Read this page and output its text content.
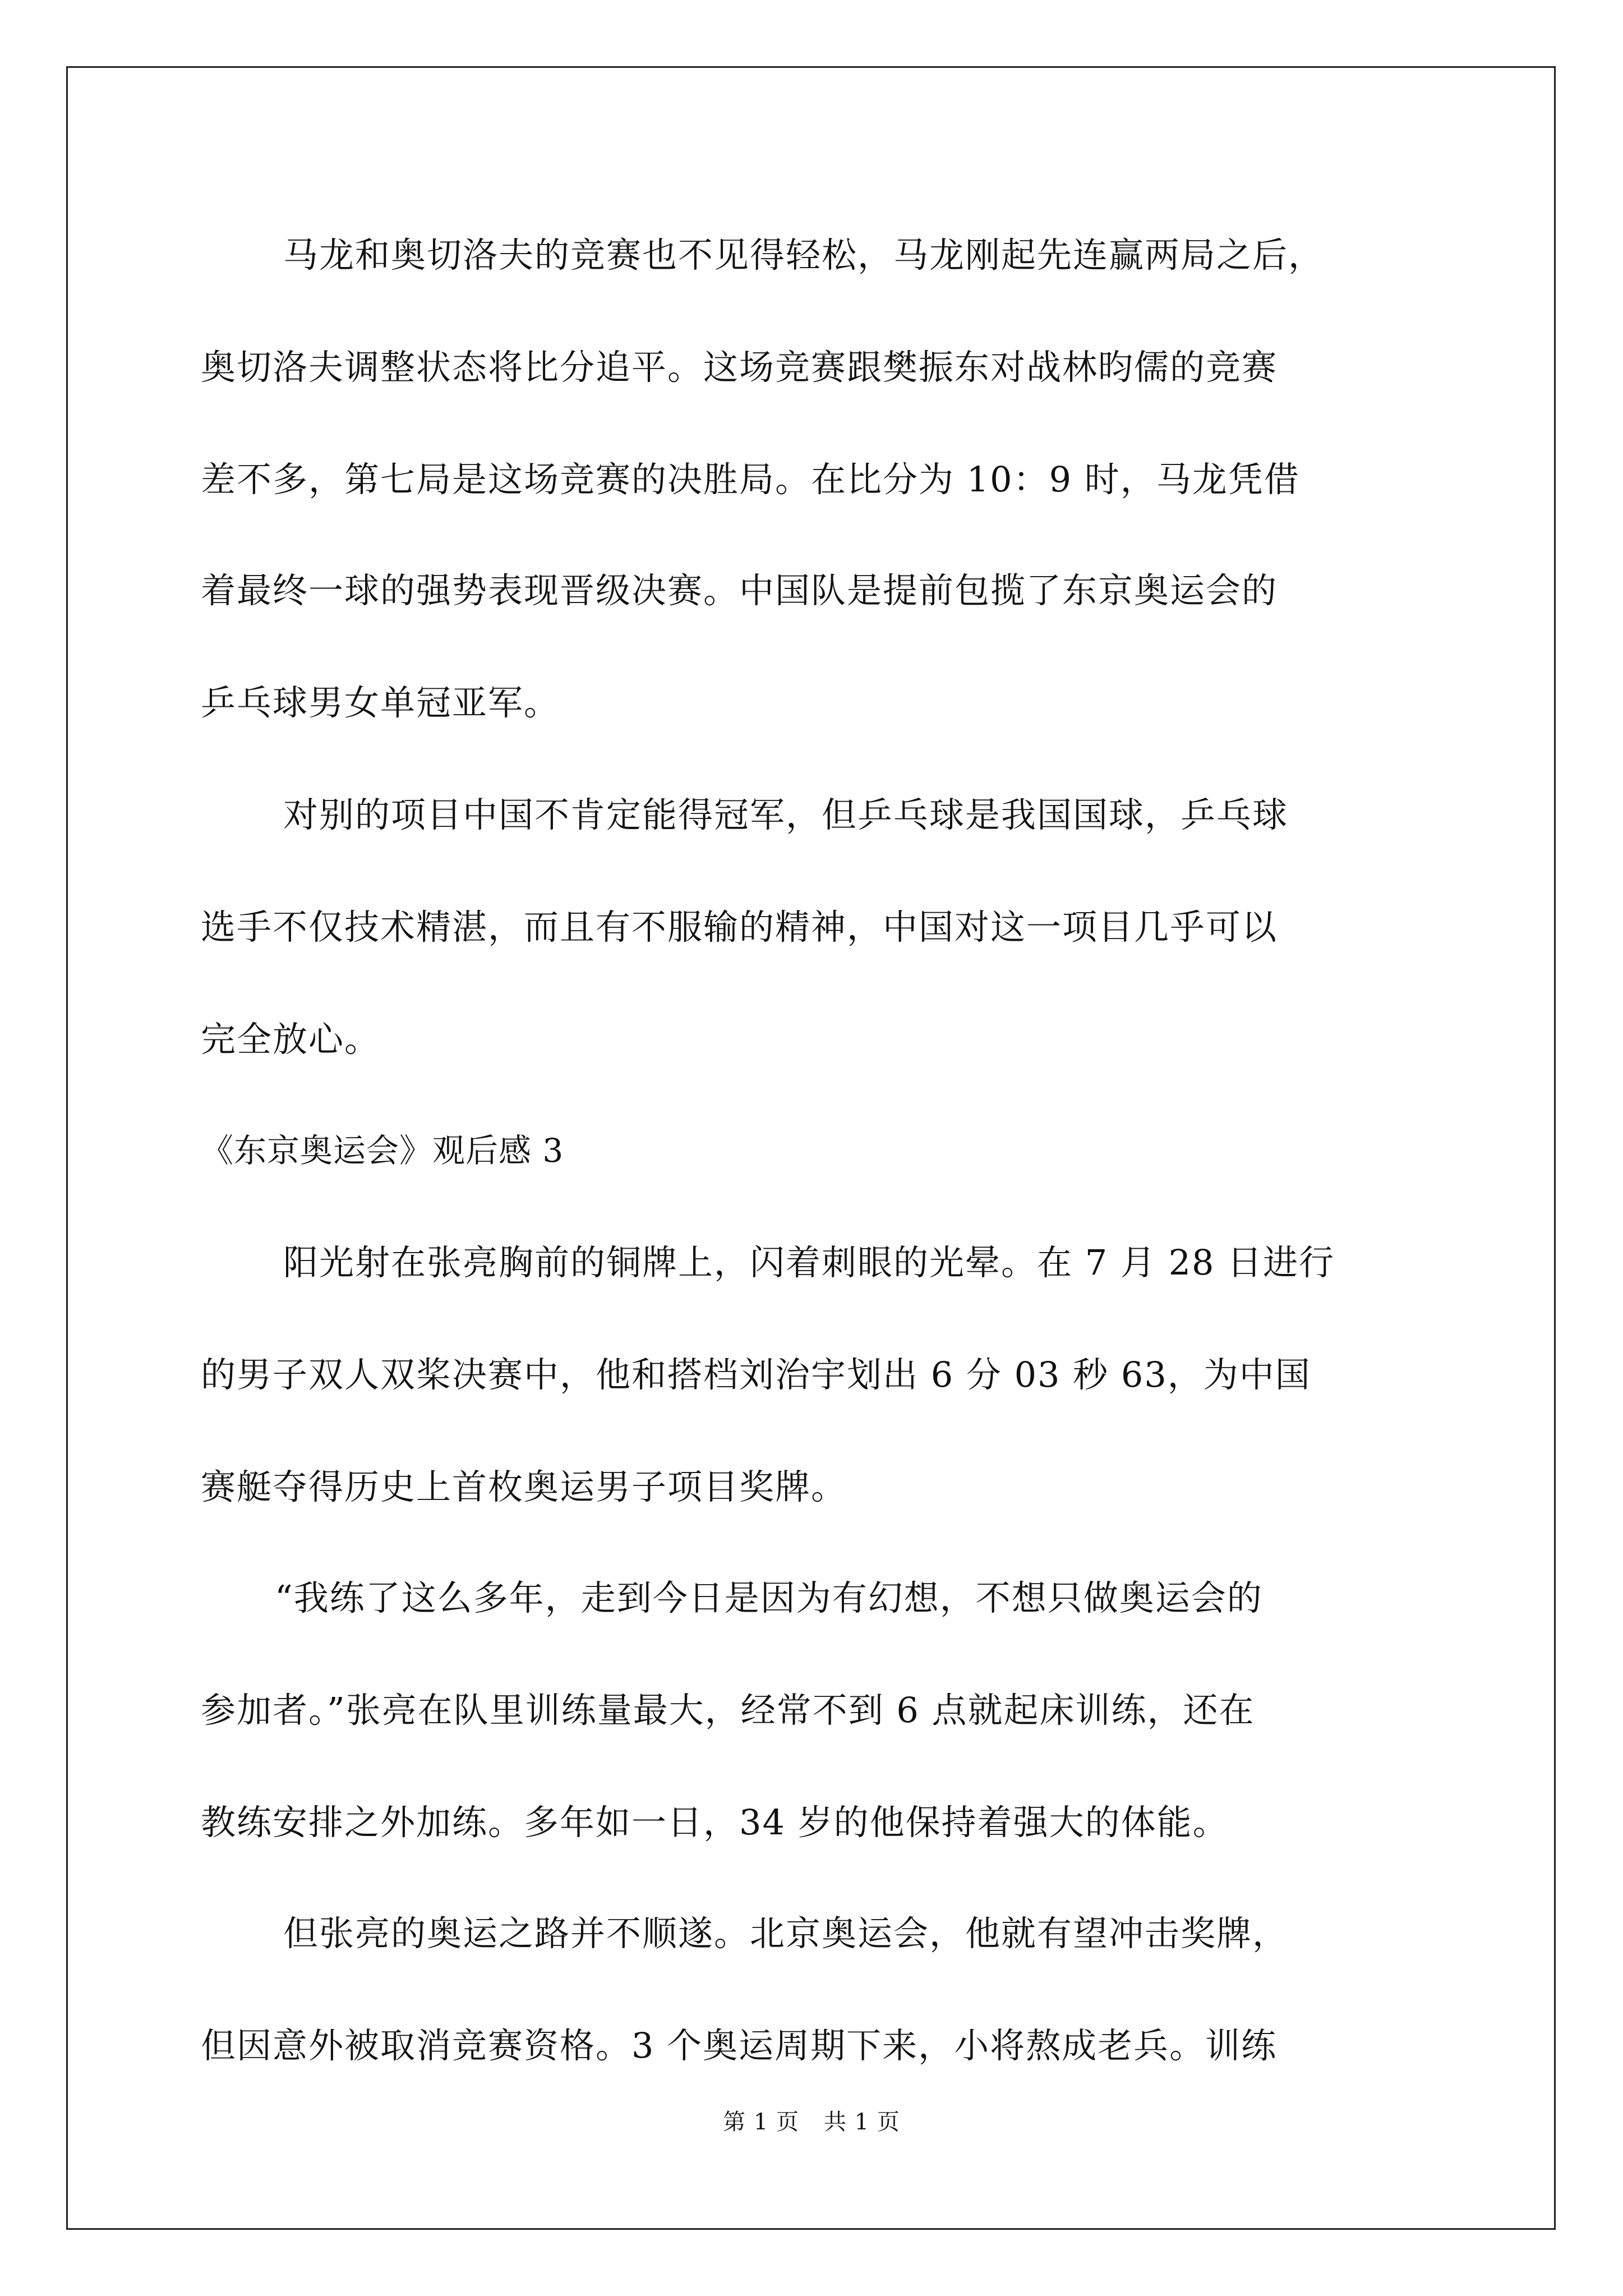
马龙和奥切洛夫的竞赛也不见得轻松，马龙刚起先连赢两局之后，
奥切洛夫调整状态将比分追平。这场竞赛跟樊振东对战林昀儒的竞赛
差不多，第七局是这场竞赛的决胜局。在比分为 10：9 时，马龙凭借
着最终一球的强势表现晋级决赛。中国队是提前包揽了东京奥运会的
乒乓球男女单冠亚军。
对别的项目中国不肯定能得冠军，但乒乓球是我国国球，乒乓球
选手不仅技术精湛，而且有不服输的精神，中国对这一项目几乎可以
完全放心。
《东京奥运会》观后感 3
阳光射在张亮胸前的铜牌上，闪着刺眼的光晕。在 7 月 28 日进行
的男子双人双桨决赛中，他和搭档刘治宇划出 6 分 03 秒 63，为中国
赛艇夺得历史上首枚奥运男子项目奖牌。
“我练了这么多年，走到今日是因为有幻想，不想只做奥运会的
参加者。”张亮在队里训练量最大，经常不到 6 点就起床训练，还在
教练安排之外加练。多年如一日，34 岁的他保持着强大的体能。
但张亮的奥运之路并不顺遂。北京奥运会，他就有望冲击奖牌，
但因意外被取消竞赛资格。3 个奥运周期下来，小将熬成老兵。训练
第 1 页 共 1 页
